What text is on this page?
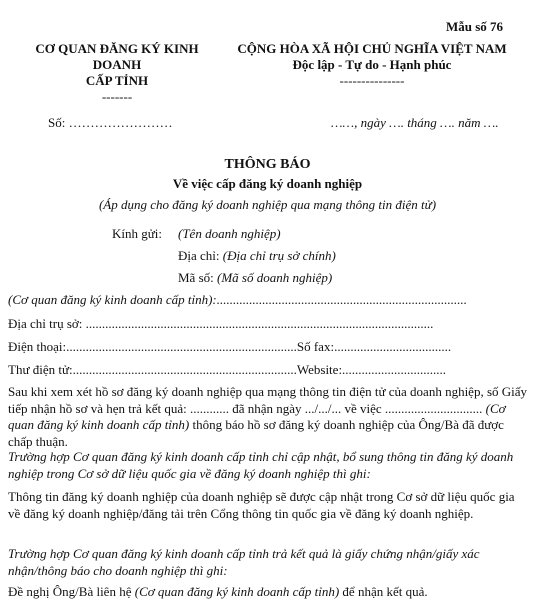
Mẫu số 76
CƠ QUAN ĐĂNG KÝ KINH
DOANH
CẤP TỈNH
-------
CỘNG HÒA XÃ HỘI CHỦ NGHĨA VIỆT NAM
Độc lập - Tự do - Hạnh phúc
---------------
Số: ……………………	……, ngày …. tháng …. năm ….
THÔNG BÁO
Về việc cấp đăng ký doanh nghiệp
(Áp dụng cho đăng ký doanh nghiệp qua mạng thông tin điện tử)
Kính gửi: (Tên doanh nghiệp)
Địa chỉ: (Địa chỉ trụ sở chính)
Mã số: (Mã số doanh nghiệp)
(Cơ quan đăng ký kinh doanh cấp tỉnh):.............................................................................
Địa chỉ trụ sở: ...........................................................................................................
Điện thoại:.......................................................................Số fax:....................................
Thư điện tử:.....................................................................Website:................................
Sau khi xem xét hồ sơ đăng ký doanh nghiệp qua mạng thông tin điện tử của doanh nghiệp, số Giấy tiếp nhận hồ sơ và hẹn trả kết quả: ............ đã nhận ngày .../.../... về việc .............................. (Cơ quan đăng ký kinh doanh cấp tỉnh) thông báo hồ sơ đăng ký doanh nghiệp của Ông/Bà đã được chấp thuận.
Trường hợp Cơ quan đăng ký kinh doanh cấp tỉnh chỉ cập nhật, bổ sung thông tin đăng ký doanh nghiệp trong Cơ sở dữ liệu quốc gia về đăng ký doanh nghiệp thì ghi:
Thông tin đăng ký doanh nghiệp của doanh nghiệp sẽ được cập nhật trong Cơ sở dữ liệu quốc gia về đăng ký doanh nghiệp/đăng tải trên Cổng thông tin quốc gia về đăng ký doanh nghiệp.
Trường hợp Cơ quan đăng ký kinh doanh cấp tỉnh trả kết quả là giấy chứng nhận/giấy xác nhận/thông báo cho doanh nghiệp thì ghi:
Đề nghị Ông/Bà liên hệ (Cơ quan đăng ký kinh doanh cấp tỉnh) để nhận kết quả.
